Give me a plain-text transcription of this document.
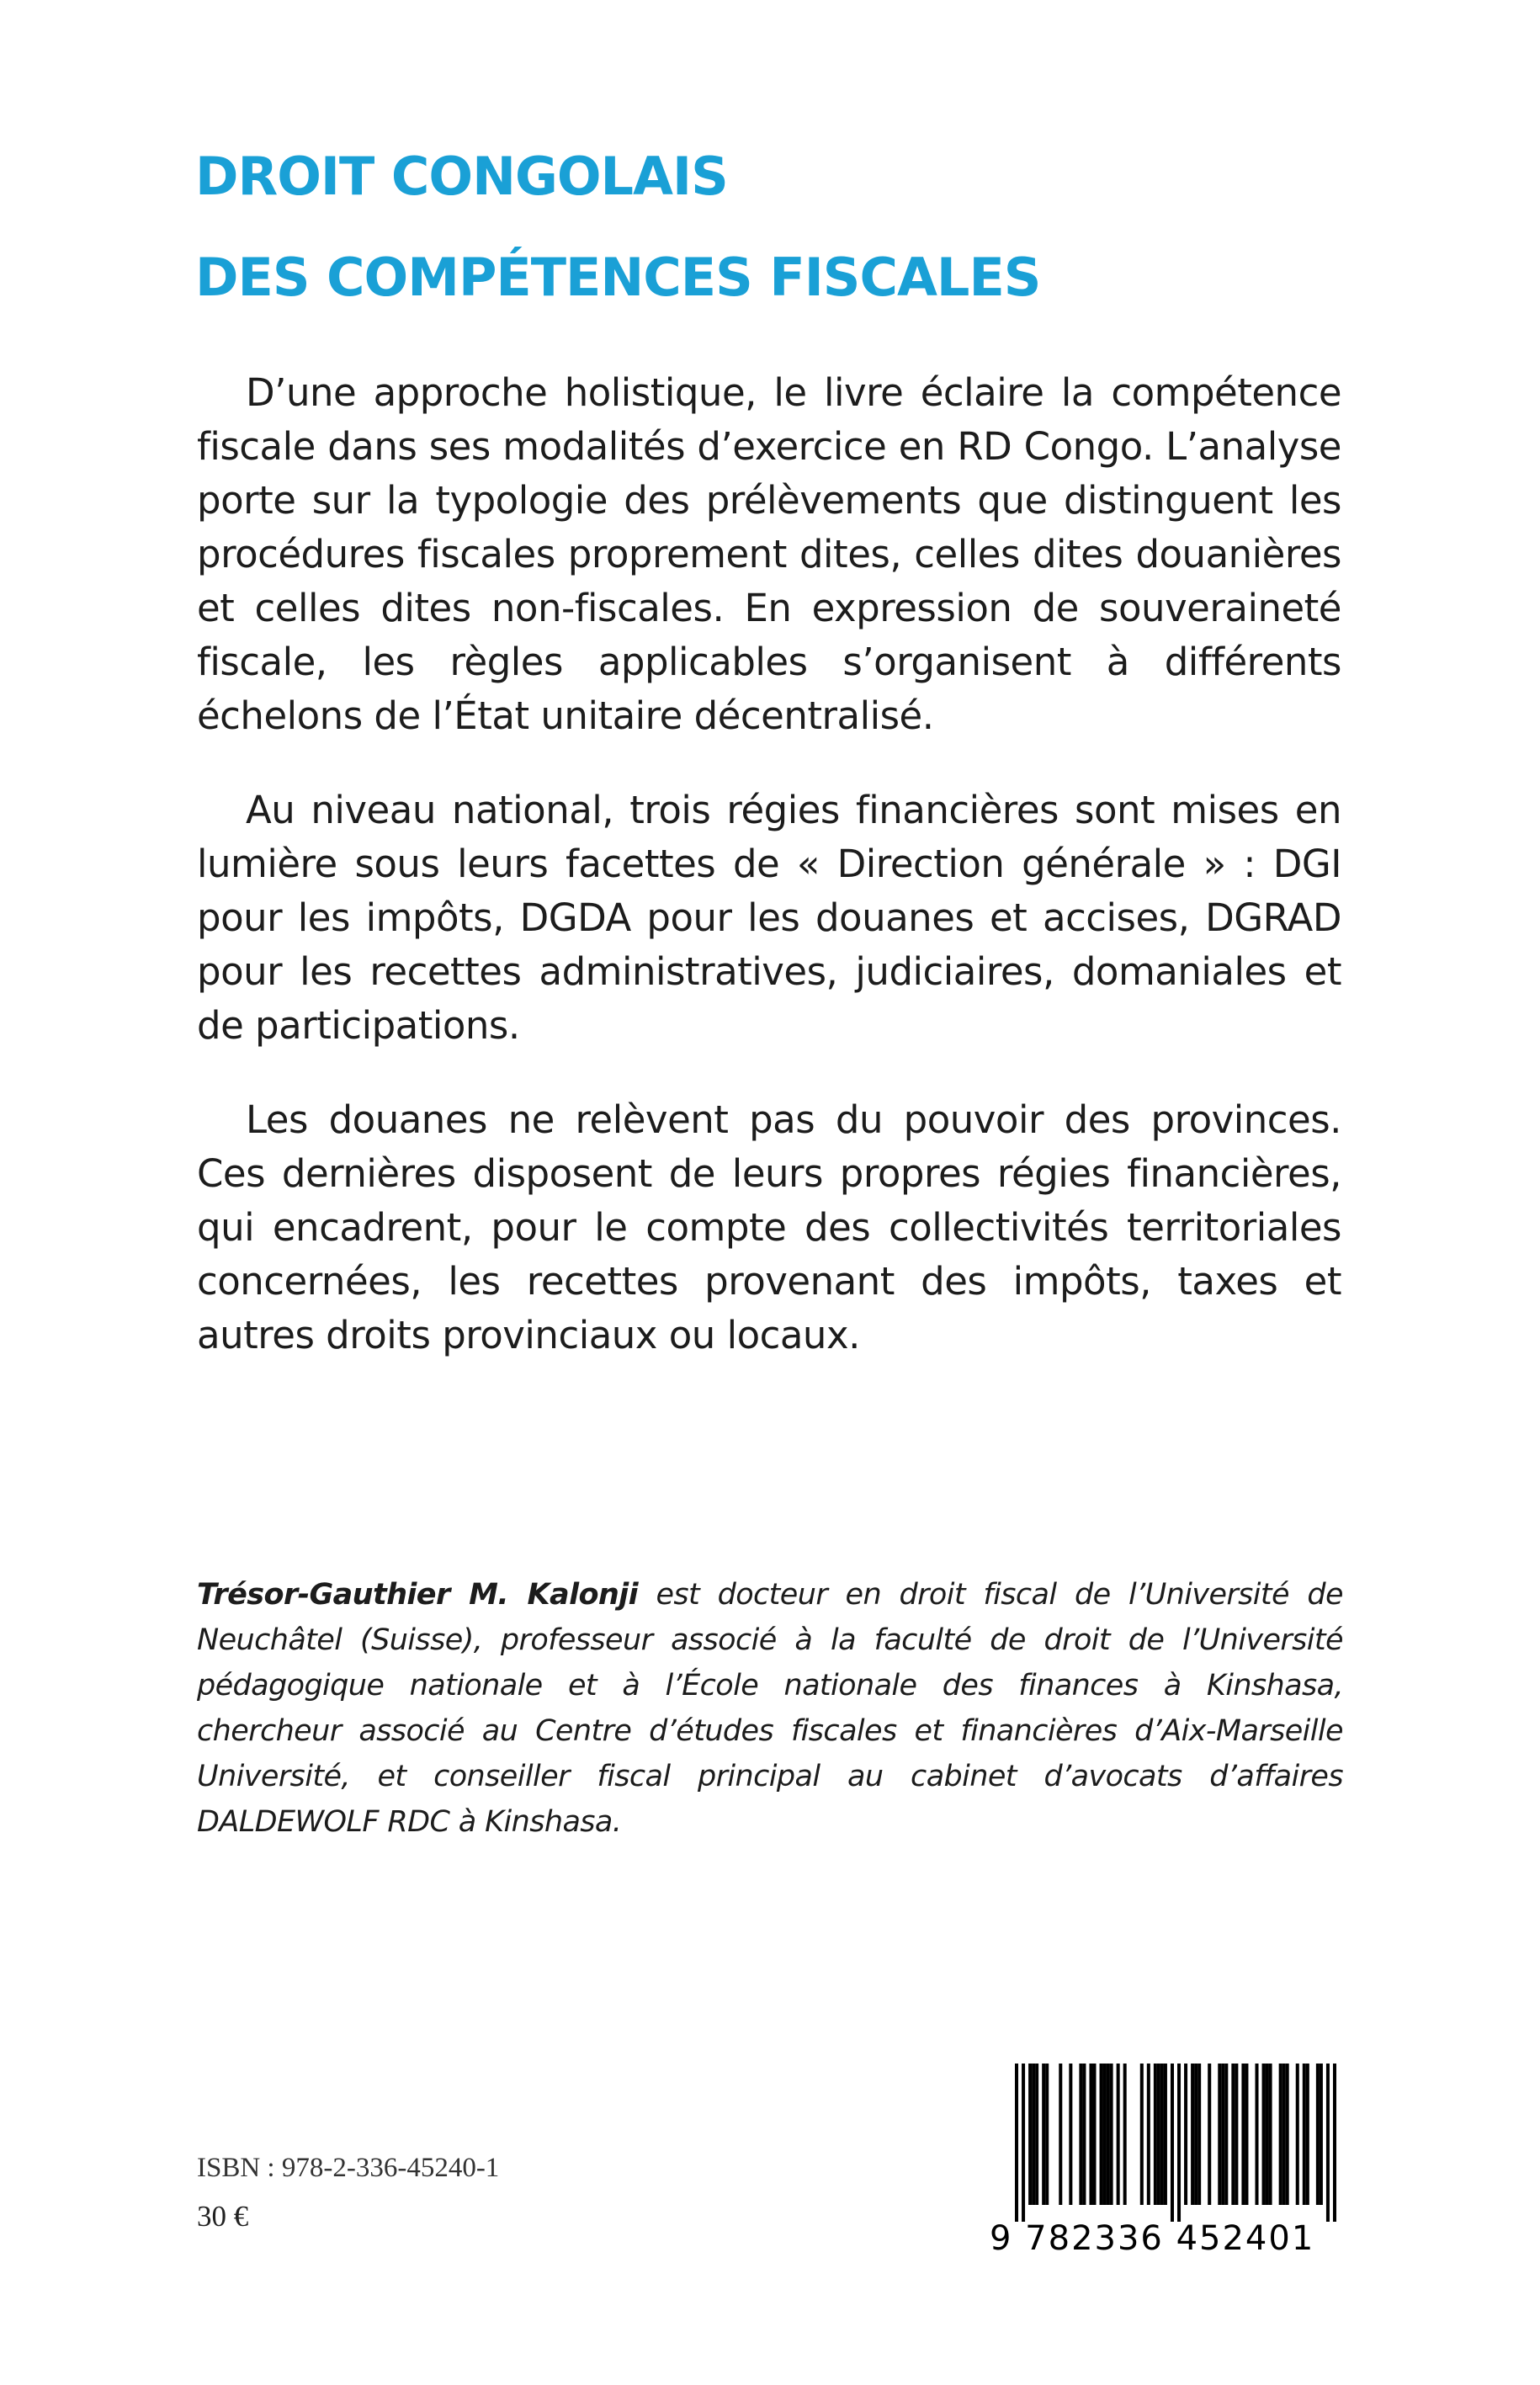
DROIT CONGOLAIS
DES COMPÉTENCES FISCALES

D’une approche holistique, le livre éclaire la compétence fiscale dans ses modalités d’exercice en RD Congo. L’analyse porte sur la typologie des prélèvements que distinguent les procédures fiscales proprement dites, celles dites douanières et celles dites non-fiscales. En expression de souveraineté fiscale, les règles applicables s’organisent à différents échelons de l’État unitaire décentralisé.

Au niveau national, trois régies financières sont mises en lumière sous leurs facettes de « Direction générale » : DGI pour les impôts, DGDA pour les douanes et accises, DGRAD pour les recettes administratives, judiciaires, domaniales et de participations.

Les douanes ne relèvent pas du pouvoir des provinces. Ces dernières disposent de leurs propres régies financières, qui encadrent, pour le compte des collectivités territoriales concernées, les recettes provenant des impôts, taxes et autres droits provinciaux ou locaux.

Trésor-Gauthier M. Kalonji est docteur en droit fiscal de l’Université de Neuchâtel (Suisse), professeur associé à la faculté de droit de l’Université pédagogique nationale et à l’École nationale des finances à Kinshasa, chercheur associé au Centre d’études fiscales et financières d’Aix-Marseille Université, et conseiller fiscal principal au cabinet d’avocats d’affaires DALDEWOLF RDC à Kinshasa.

ISBN : 978-2-336-45240-1
30 €
9 782336 452401
